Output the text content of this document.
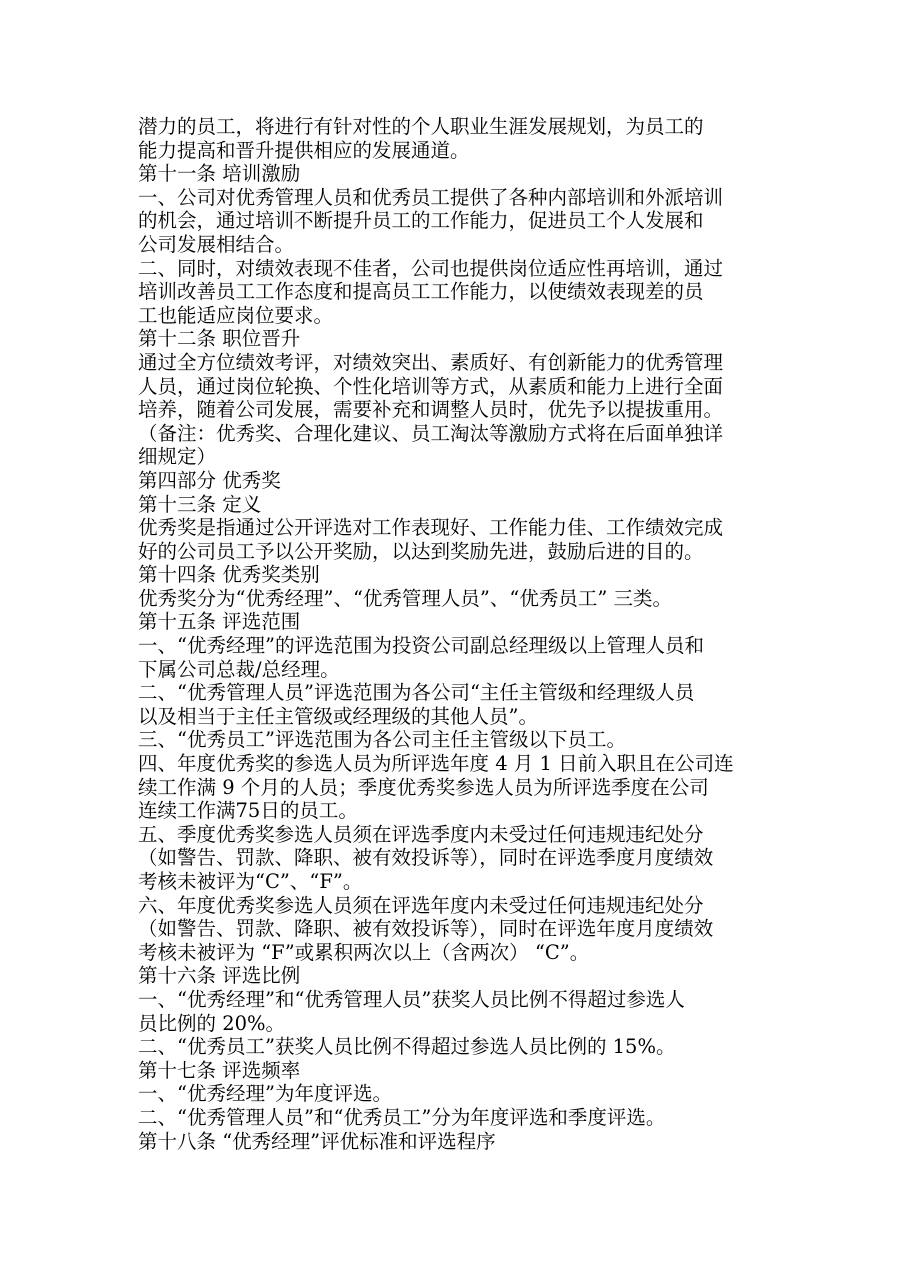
潜力的员工，将进行有针对性的个人职业生涯发展规划，为员工的

能力提高和晋升提供相应的发展通道。

第十一条 培训激励

一、公司对优秀管理人员和优秀员工提供了各种内部培训和外派培训

的机会，通过培训不断提升员工的工作能力，促进员工个人发展和

公司发展相结合。

二、同时，对绩效表现不佳者，公司也提供岗位适应性再培训，通过

培训改善员工工作态度和提高员工工作能力，以使绩效表现差的员

工也能适应岗位要求。

第十二条 职位晋升

通过全方位绩效考评，对绩效突出、素质好、有创新能力的优秀管理

人员，通过岗位轮换、个性化培训等方式，从素质和能力上进行全面

培养，随着公司发展，需要补充和调整人员时，优先予以提拔重用。

（备注：优秀奖、合理化建议、员工淘汰等激励方式将在后面单独详

细规定）

第四部分 优秀奖

第十三条 定义

优秀奖是指通过公开评选对工作表现好、工作能力佳、工作绩效完成

好的公司员工予以公开奖励，以达到奖励先进，鼓励后进的目的。

第十四条 优秀奖类别

优秀奖分为“优秀经理”、“优秀管理人员”、“优秀员工” 三类。

第十五条 评选范围

一、“优秀经理”的评选范围为投资公司副总经理级以上管理人员和

下属公司总裁/总经理。

二、“优秀管理人员”评选范围为各公司“主任主管级和经理级人员

以及相当于主任主管级或经理级的其他人员”。

三、“优秀员工”评选范围为各公司主任主管级以下员工。

四、年度优秀奖的参选人员为所评选年度 4 月 1 日前入职且在公司连

续工作满 9 个月的人员；季度优秀奖参选人员为所评选季度在公司

连续工作满75日的员工。

五、季度优秀奖参选人员须在评选季度内未受过任何违规违纪处分

（如警告、罚款、降职、被有效投诉等），同时在评选季度月度绩效

考核未被评为“C”、“F”。

六、年度优秀奖参选人员须在评选年度内未受过任何违规违纪处分

（如警告、罚款、降职、被有效投诉等），同时在评选年度月度绩效

考核未被评为 “F”或累积两次以上（含两次） “C”。

第十六条 评选比例

一、“优秀经理”和“优秀管理人员”获奖人员比例不得超过参选人

员比例的 20%。

二、“优秀员工”获奖人员比例不得超过参选人员比例的 15%。

第十七条 评选频率

一、“优秀经理”为年度评选。

二、“优秀管理人员”和“优秀员工”分为年度评选和季度评选。

第十八条 “优秀经理”评优标准和评选程序
